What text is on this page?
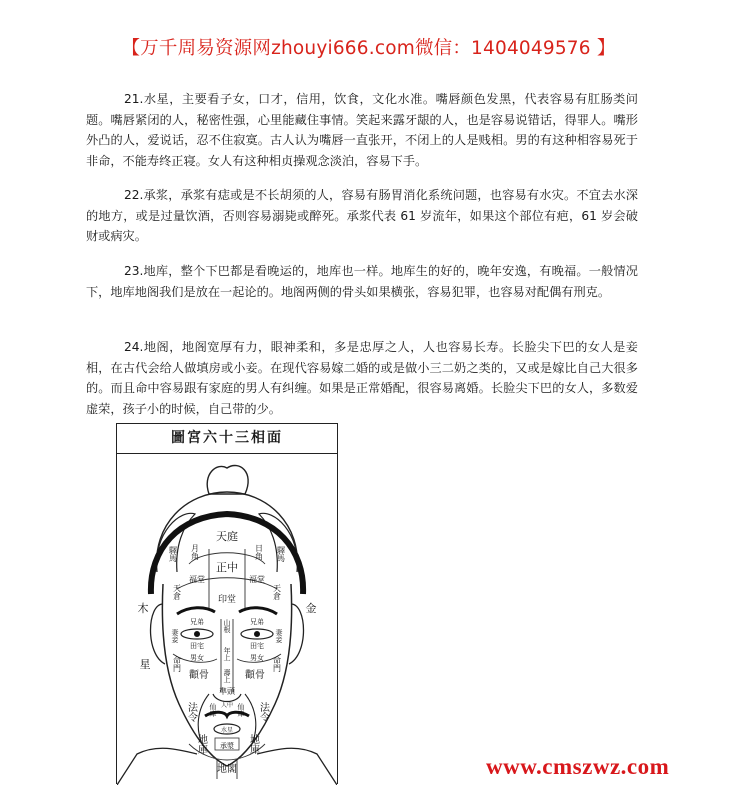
【万千周易资源网zhouyi666.com微信：1404049576 】

21.水星，主要看子女，口才，信用，饮食，文化水准。嘴唇颜色发黑，代表容易有肛肠类问题。嘴唇紧闭的人，秘密性强，心里能藏住事情。笑起来露牙龈的人，也是容易说错话，得罪人。嘴形外凸的人，爱说话，忍不住寂寞。古人认为嘴唇一直张开，不闭上的人是贱相。男的有这种相容易死于非命，不能寿终正寝。女人有这种相贞操观念淡泊，容易下手。

22.承浆，承浆有痣或是不长胡须的人，容易有肠胃消化系统问题，也容易有水灾。不宜去水深的地方，或是过量饮酒，否则容易溺毙或醉死。承浆代表 61 岁流年，如果这个部位有疤，61 岁会破财或病灾。

23.地库，整个下巴都是看晚运的，地库也一样。地库生的好的，晚年安逸，有晚福。一般情况下，地库地阁我们是放在一起论的。地阁两侧的骨头如果横张，容易犯罪，也容易对配偶有刑克。

24.地阁，地阁宽厚有力，眼神柔和，多是忠厚之人，人也容易长寿。长脸尖下巴的女人是妾相，在古代会给人做填房或小妾。在现代容易嫁二婚的或是做小三二奶之类的，又或是嫁比自己大很多的。而且命中容易跟有家庭的男人有纠缠。如果是正常婚配，很容易离婚。长脸尖下巴的女人，多数爱虚荣，孩子小的时候，自己带的少。

圖宮六十三相面
天庭
月角	日角
正中
福堂	福堂
印堂
驛馬	驛馬
天倉	天倉
木	金
星
兄弟	兄弟
田宅	田宅
妻妾	妻妾
山根
年上
壽上
男女	男女
命門	命門
顴骨	顴骨
準頭
人中
法令	法令
仙庫	仙庫
水星
承漿
地庫	地庫
地閣	www.cmszwz.com
